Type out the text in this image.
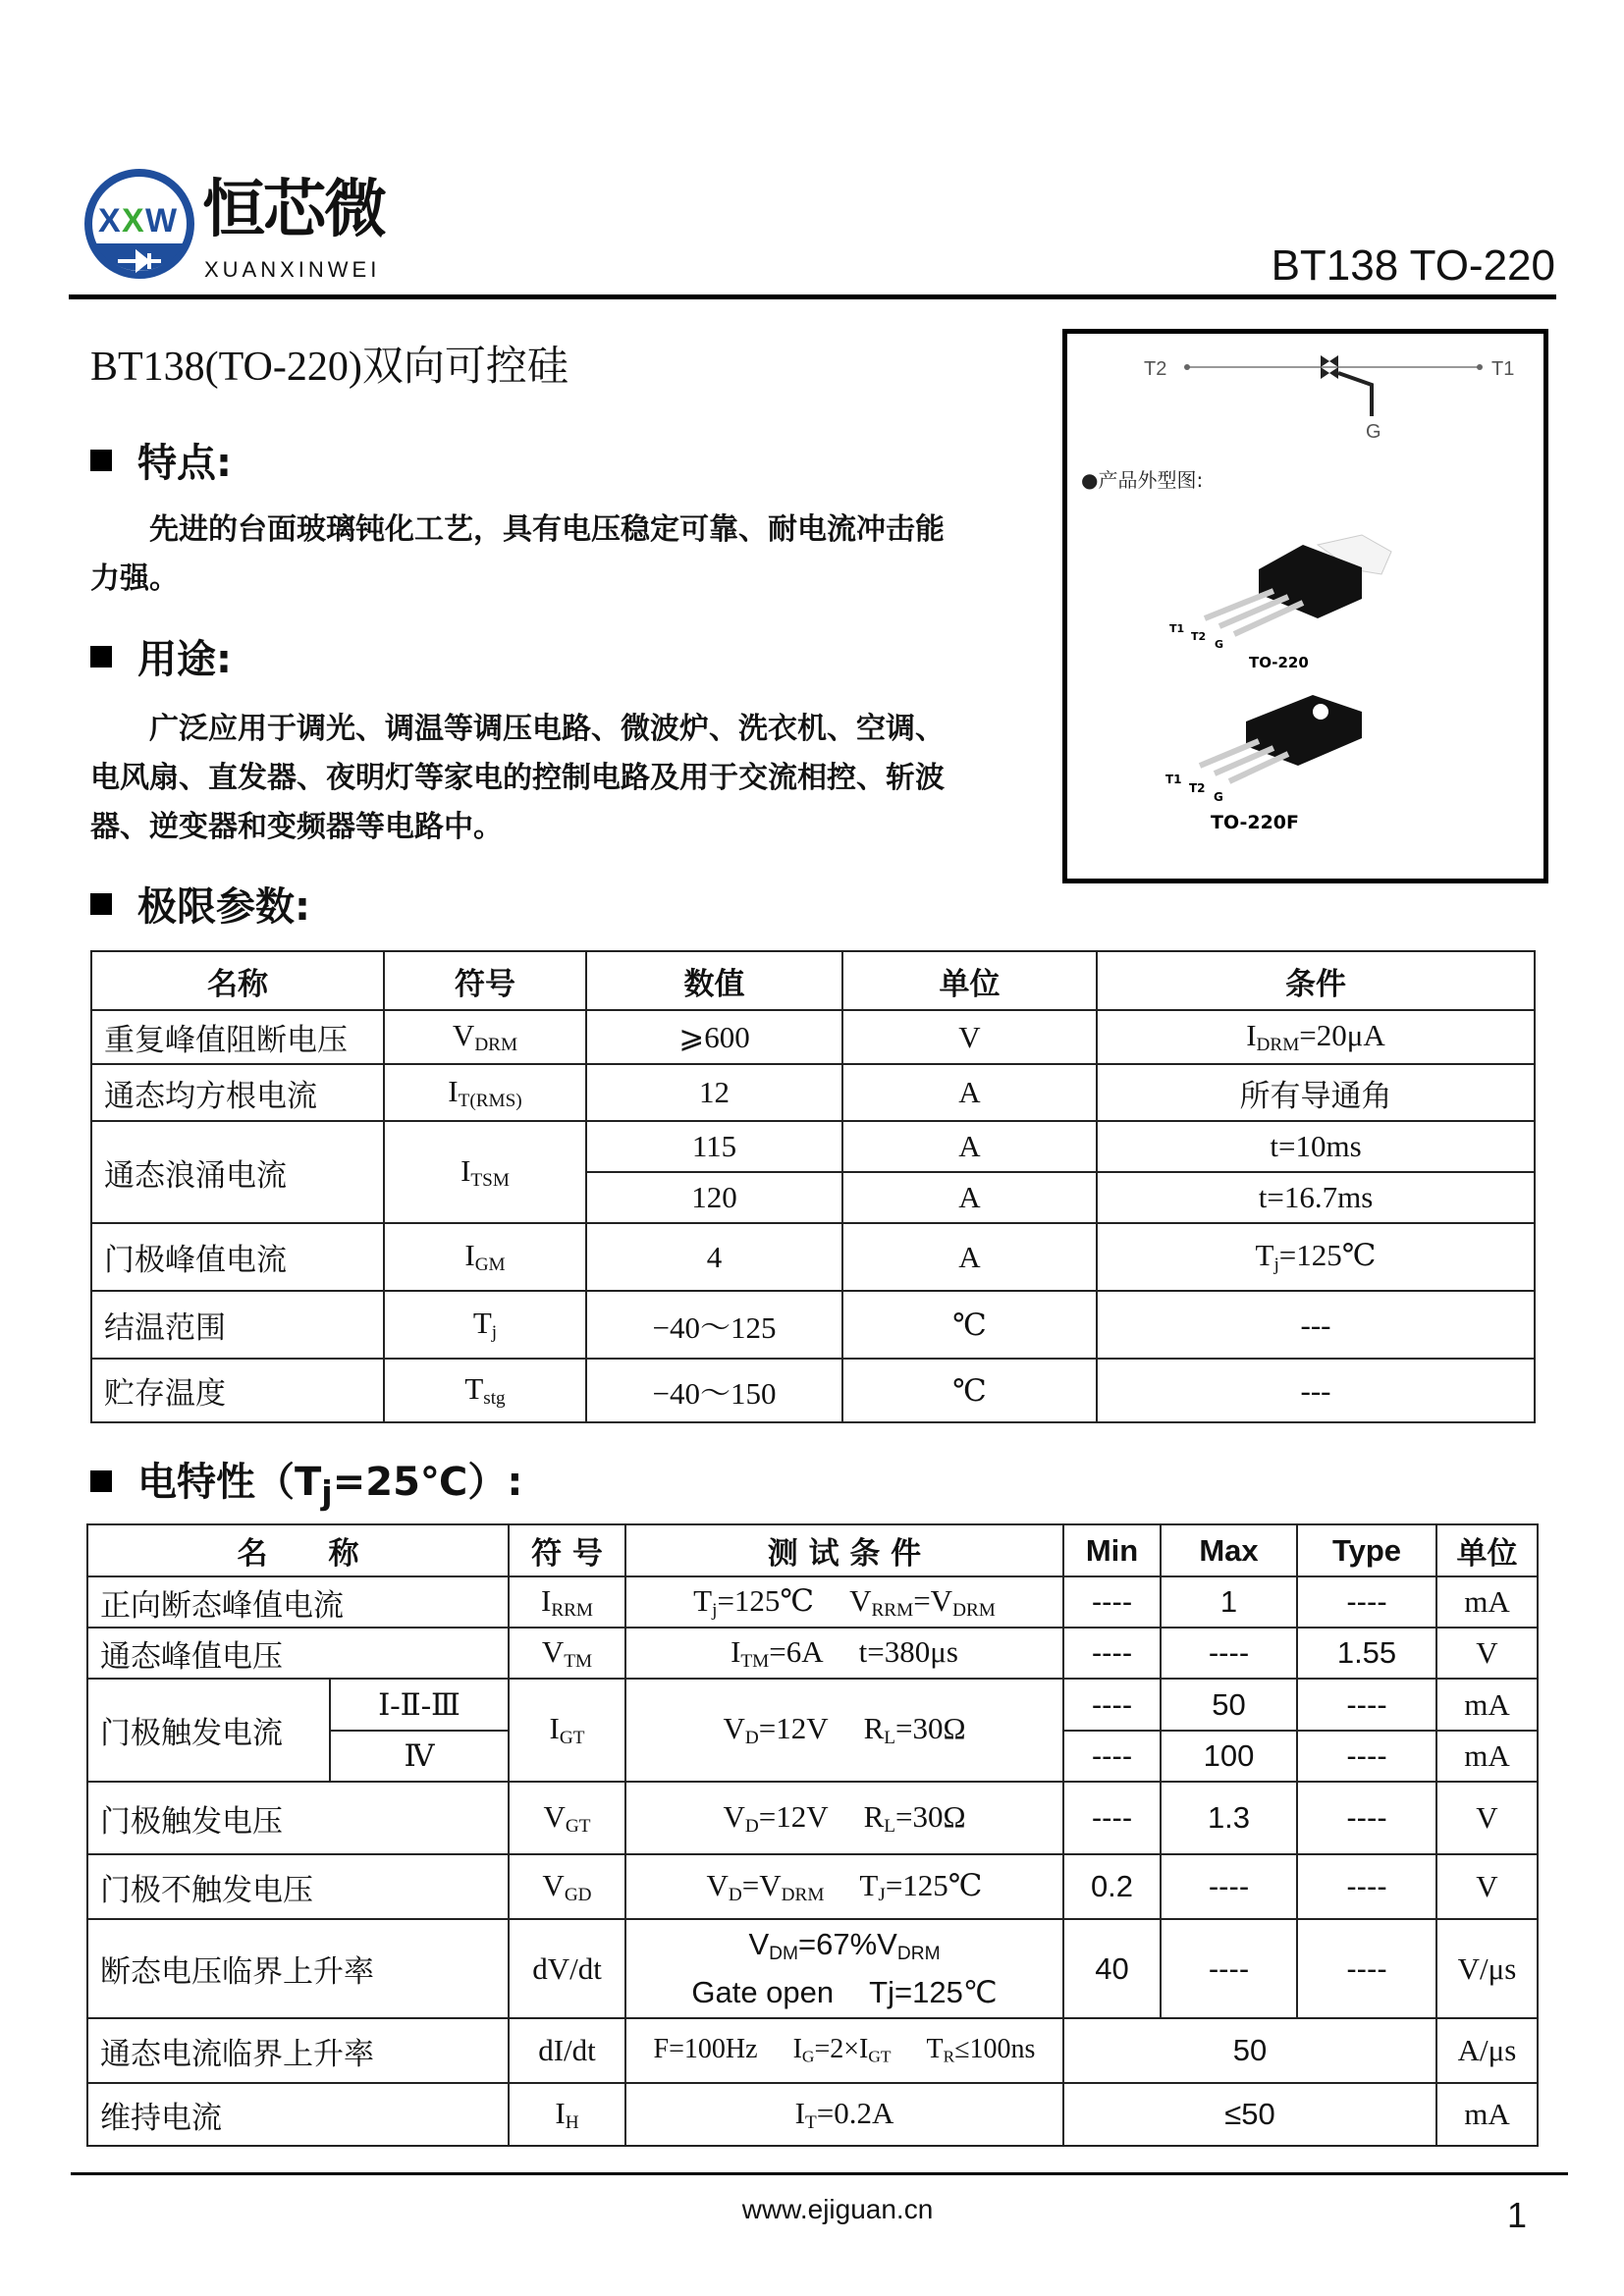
X X W 恒芯微
XUANXINWEI	BT138 TO-220
BT138(TO-220)双向可控硅	T2	T1
G
●产品外型图:
T1
T2
G
TO-220
T1
T2
G
TO-220F
特点:
先进的台面玻璃钝化工艺，具有电压稳定可靠、耐电流冲击能力强。
用途:
广泛应用于调光、调温等调压电路、微波炉、洗衣机、空调、电风扇、直发器、夜明灯等家电的控制电路及用于交流相控、斩波器、逆变器和变频器等电路中。
极限参数:
名称	符号	数值	单位	条件
重复峰值阻断电压	$V_{DRM}$	⩾600	V	$I_{DRM}=20\mu A$
通态均方根电流	$I_{T(RMS)}$	12	A	所有导通角
通态浪涌电流	$I_{TSM}$	115	A	t=10ms
		120	A	t=16.7ms
门极峰值电流	$I_{GM}$	4	A	$T_j=125℃$
结温范围	$T_j$	−40～125	℃	---
贮存温度	$T_{stg}$	−40～150	℃	---
电特性$(T_j=25℃)$:
名　　称		符 号	测 试 条 件	Min	Max	Type	单位
正向断态峰值电流		$I_{RRM}$	$T_j=125℃$ $V_{RRM}=V_{DRM}$	----	1	----	mA
通态峰值电压		$V_{TM}$	$I_{TM}=6A$ t=380μs	----	----	1.55	V
门极触发电流	Ⅰ-Ⅱ-Ⅲ	$I_{GT}$	$V_D=12V$ $R_L=30\Omega$	----	50	----	mA
	Ⅳ			----	100	----	mA
门极触发电压		$V_{GT}$	$V_D=12V$ $R_L=30\Omega$	----	1.3	----	V
门极不触发电压		$V_{GD}$	$V_D=V_{DRM}$ $T_J=125℃$	0.2	----	----	V
断态电压临界上升率		dV/dt	$V_{DM}=67\%V_{DRM}$
Gate open Tj=125℃	40	----	----	V/μs
通态电流临界上升率		dI/dt	F=100Hz $I_G=2\times I_{GT}$ $T_R\le 100ns$	50			A/μs
维持电流		$I_H$	$I_T=0.2A$	≤50			mA
www.ejiguan.cn	1
